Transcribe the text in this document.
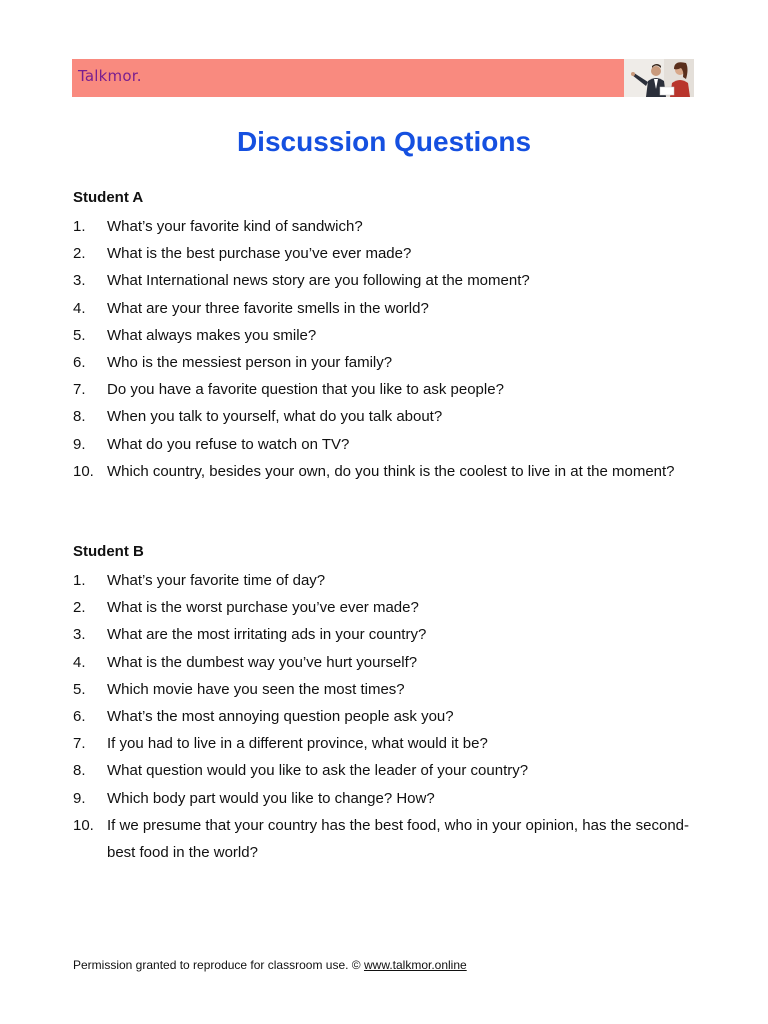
Talkmor.
Discussion Questions
Student A
1.	What’s your favorite kind of sandwich?
2.	What is the best purchase you’ve ever made?
3.	What International news story are you following at the moment?
4.	What are your three favorite smells in the world?
5.	What always makes you smile?
6.	Who is the messiest person in your family?
7.	Do you have a favorite question that you like to ask people?
8.	When you talk to yourself, what do you talk about?
9.	What do you refuse to watch on TV?
10. Which country, besides your own, do you think is the coolest to live in at the moment?
Student B
1.	What’s your favorite time of day?
2.	What is the worst purchase you’ve ever made?
3.	What are the most irritating ads in your country?
4.	What is the dumbest way you’ve hurt yourself?
5.	Which movie have you seen the most times?
6.	What’s the most annoying question people ask you?
7.	If you had to live in a different province, what would it be?
8.	What question would you like to ask the leader of your country?
9.	Which body part would you like to change? How?
10. If we presume that your country has the best food, who in your opinion, has the second-best food in the world?
Permission granted to reproduce for classroom use. © www.talkmor.online
